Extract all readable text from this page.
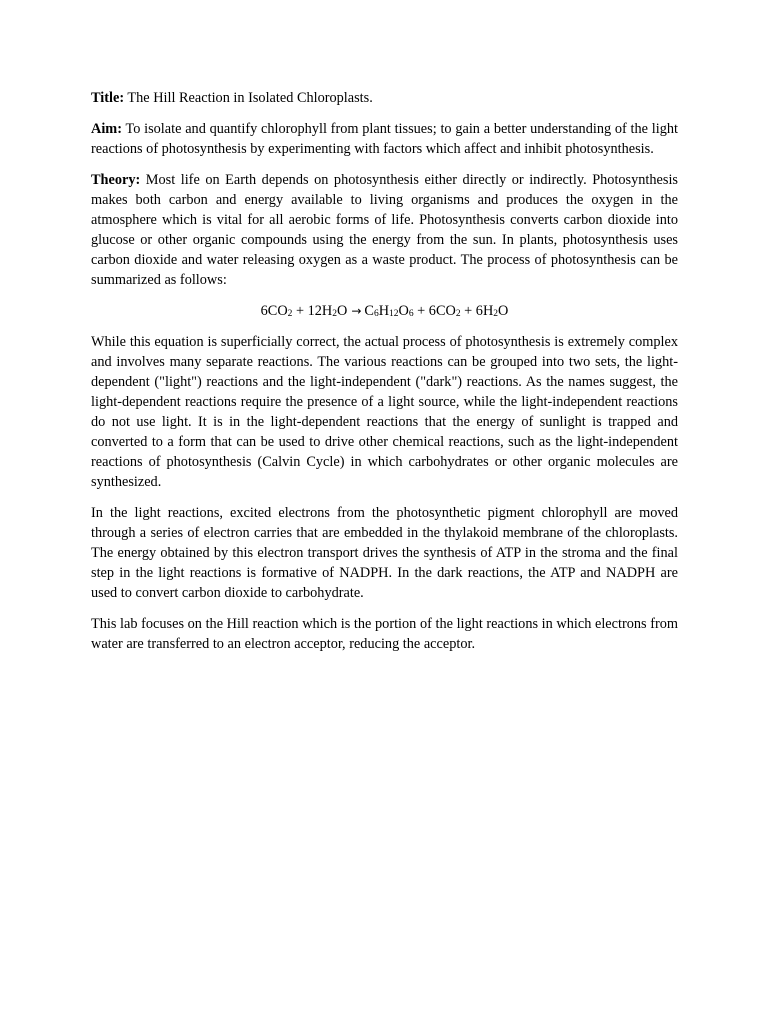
Title: The Hill Reaction in Isolated Chloroplasts.

Aim: To isolate and quantify chlorophyll from plant tissues; to gain a better understanding of the light reactions of photosynthesis by experimenting with factors which affect and inhibit photosynthesis.

Theory: Most life on Earth depends on photosynthesis either directly or indirectly. Photosynthesis makes both carbon and energy available to living organisms and produces the oxygen in the atmosphere which is vital for all aerobic forms of life. Photosynthesis converts carbon dioxide into glucose or other organic compounds using the energy from the sun. In plants, photosynthesis uses carbon dioxide and water releasing oxygen as a waste product. The process of photosynthesis can be summarized as follows:

$6CO_2 + 12H_2O \to C_6H_{12}O_6 + 6CO_2 + 6H_2O$

While this equation is superficially correct, the actual process of photosynthesis is extremely complex and involves many separate reactions. The various reactions can be grouped into two sets, the light-dependent ("light") reactions and the light-independent ("dark") reactions. As the names suggest, the light-dependent reactions require the presence of a light source, while the light-independent reactions do not use light. It is in the light-dependent reactions that the energy of sunlight is trapped and converted to a form that can be used to drive other chemical reactions, such as the light-independent reactions of photosynthesis (Calvin Cycle) in which carbohydrates or other organic molecules are synthesized.

In the light reactions, excited electrons from the photosynthetic pigment chlorophyll are moved through a series of electron carries that are embedded in the thylakoid membrane of the chloroplasts. The energy obtained by this electron transport drives the synthesis of ATP in the stroma and the final step in the light reactions is formative of NADPH. In the dark reactions, the ATP and NADPH are used to convert carbon dioxide to carbohydrate.

This lab focuses on the Hill reaction which is the portion of the light reactions in which electrons from water are transferred to an electron acceptor, reducing the acceptor.
